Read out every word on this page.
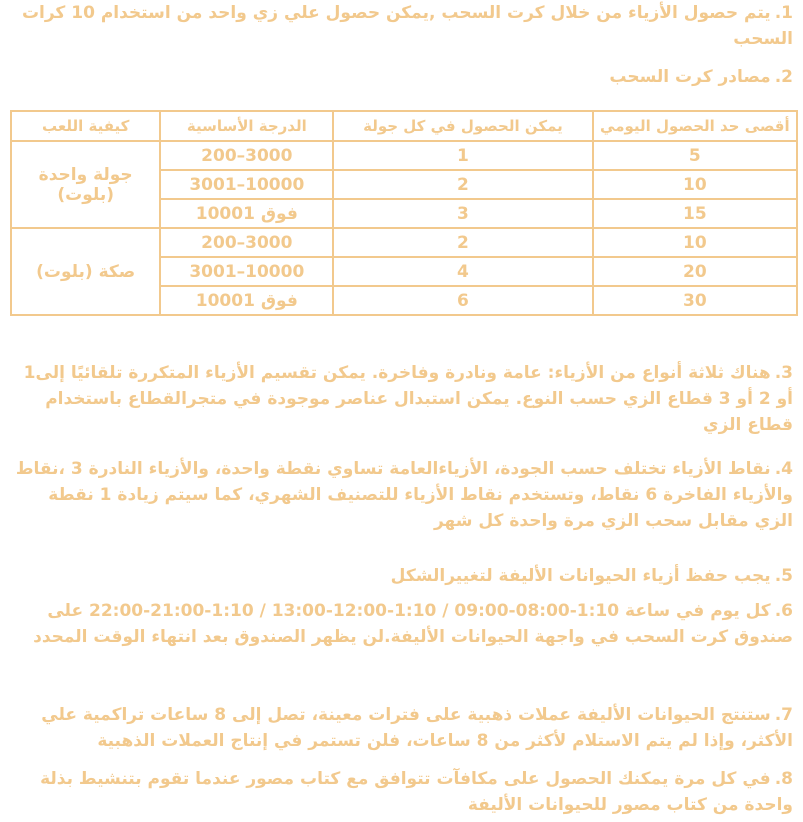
1.يتم حصول الأزياء من خلال كرت السحب ,يمكن حصول علي زي واحد من استخدام 10 كرات السحب
2.مصادر كرت السحب
أقصى حد الحصول اليومي	يمكن الحصول في كل جولة	الدرجة الأساسية	كيفية اللعب
5	1	200–3000	جولة واحدة (بلوت)
10	2	3001–10000	
15	3	فوق 10001	
10	2	200–3000	صكة (بلوت)
20	4	3001–10000	
30	6	فوق 10001	
3.هناك ثلاثة أنواع من الأزياء: عامة ونادرة وفاخرة. يمكن تقسيم الأزياء المتكررة تلقائيًا إلى1 أو 2 أو 3 قطاع الزي حسب النوع. يمكن استبدال عناصر موجودة في متجرالقطاع باستخدام قطاع الزي
4.نقاط الأزياء تختلف حسب الجودة، الأزياءالعامة تساوي نقطة واحدة، والأزياء النادرة 3 ،نقاط والأزياء الفاخرة 6 نقاط، وتستخدم نقاط الأزياء للتصنيف الشهري، كما سيتم زيادة 1 نقطة الزي مقابل سحب الزي مرة واحدة كل شهر
5.يجب حفظ أزياء الحيوانات الأليفة لتغييرالشكل
6.كل يوم في ساعة 1:10-08:00-09:00 / 1:10-12:00-13:00 / 1:10-21:00-22:00 على صندوق كرت السحب في واجهة الحيوانات الأليفة.لن يظهر الصندوق بعد انتهاء الوقت المحدد
7.ستنتج الحيوانات الأليفة عملات ذهبية على فترات معينة، تصل إلى 8 ساعات تراكمية علي الأكثر، وإذا لم يتم الاستلام لأكثر من 8 ساعات، فلن تستمر في إنتاج العملات الذهبية
8.في كل مرة يمكنك الحصول على مكافآت تتوافق مع كتاب مصور عندما تقوم بتنشيط بذلة واحدة من كتاب مصور للحيوانات الأليفة
